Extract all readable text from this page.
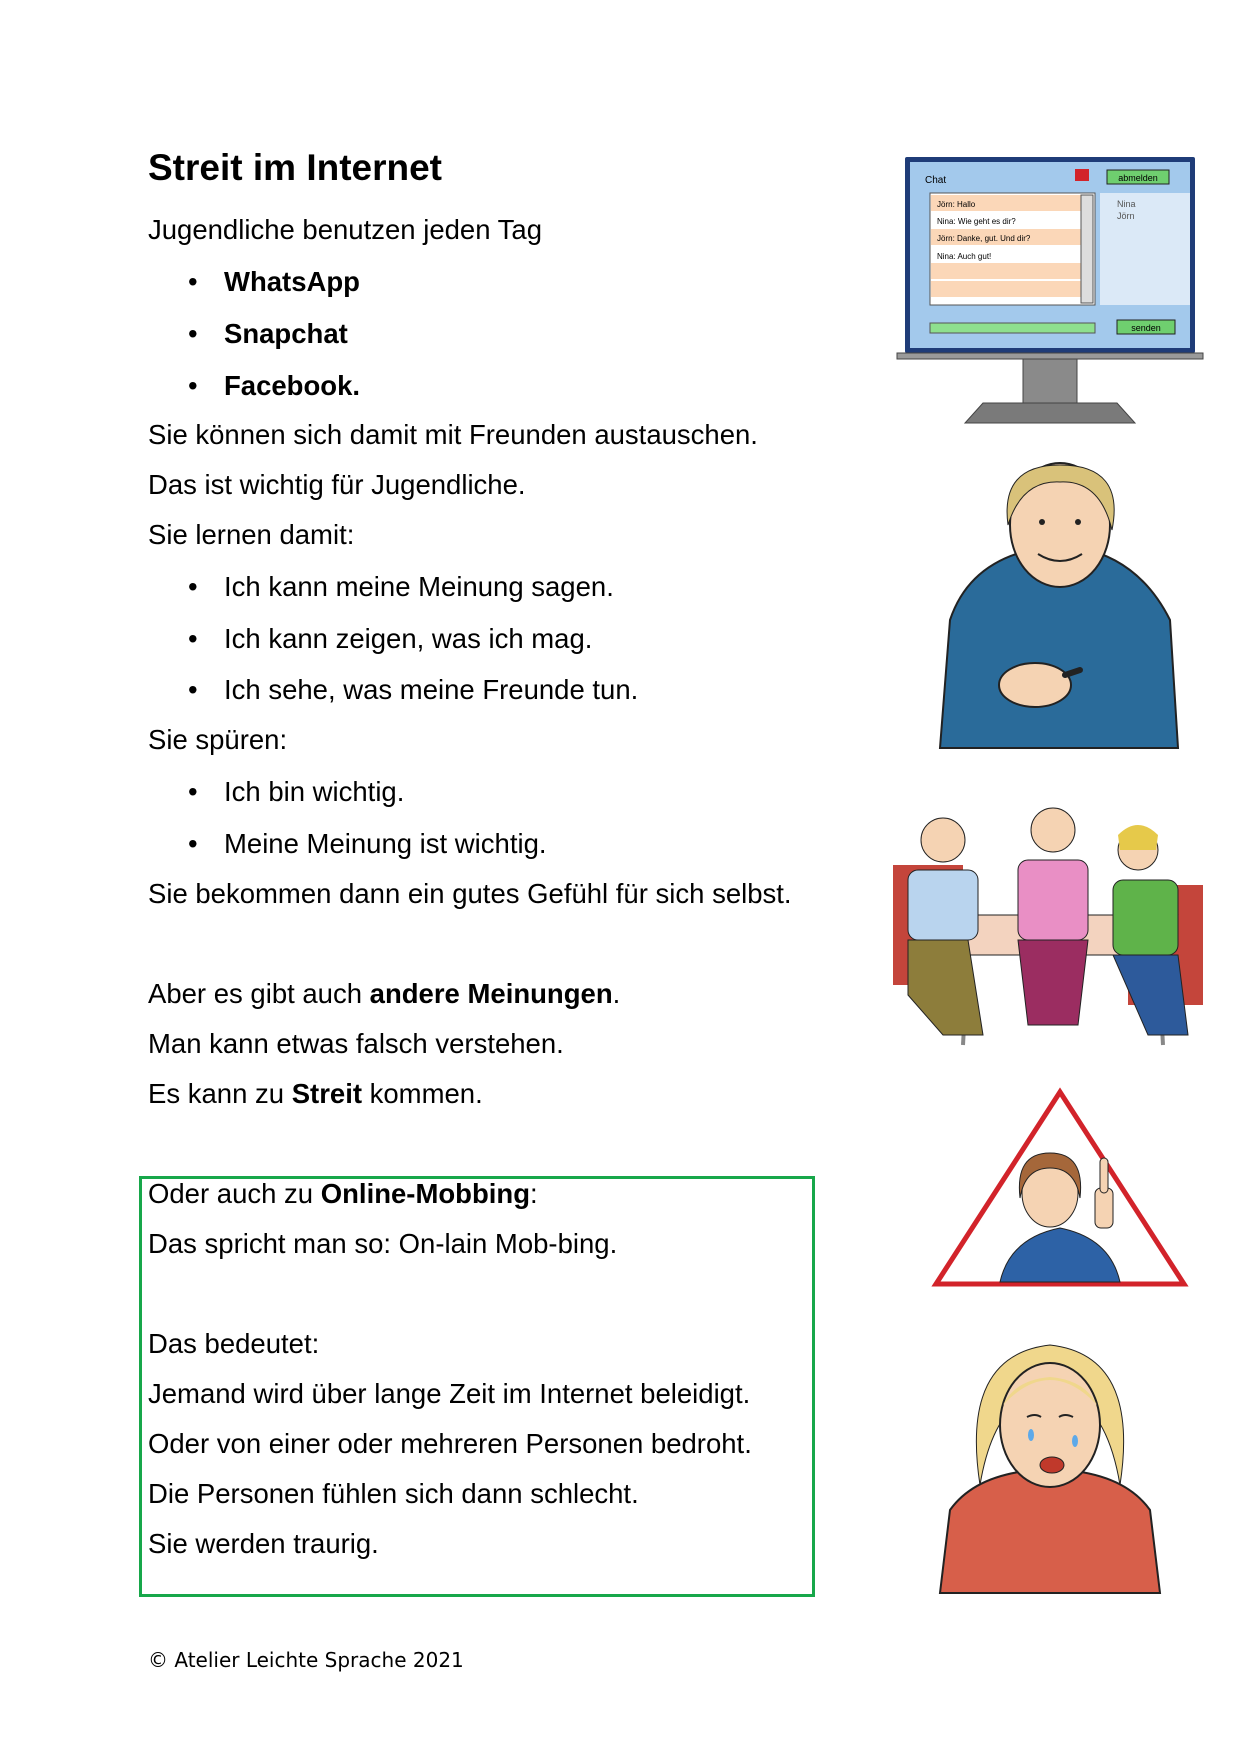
Streit im Internet
Jugendliche benutzen jeden Tag
• WhatsApp
• Snapchat
• Facebook.
Sie können sich damit mit Freunden austauschen.
Das ist wichtig für Jugendliche.
Sie lernen damit:
• Ich kann meine Meinung sagen.
• Ich kann zeigen, was ich mag.
• Ich sehe, was meine Freunde tun.
Sie spüren:
• Ich bin wichtig.
• Meine Meinung ist wichtig.
Sie bekommen dann ein gutes Gefühl für sich selbst.
Aber es gibt auch andere Meinungen.
Man kann etwas falsch verstehen.
Es kann zu Streit kommen.
Oder auch zu Online-Mobbing:
Das spricht man so: On-lain Mob-bing.
Das bedeutet:
Jemand wird über lange Zeit im Internet beleidigt.
Oder von einer oder mehreren Personen bedroht.
Die Personen fühlen sich dann schlecht.
Sie werden traurig.
Chat	abmelden
Jörn: Hallo
Nina: Wie geht es dir?
Jörn: Danke, gut. Und dir?
Nina: Auch gut!
Nina
Jörn
senden
© Atelier Leichte Sprache 2021
